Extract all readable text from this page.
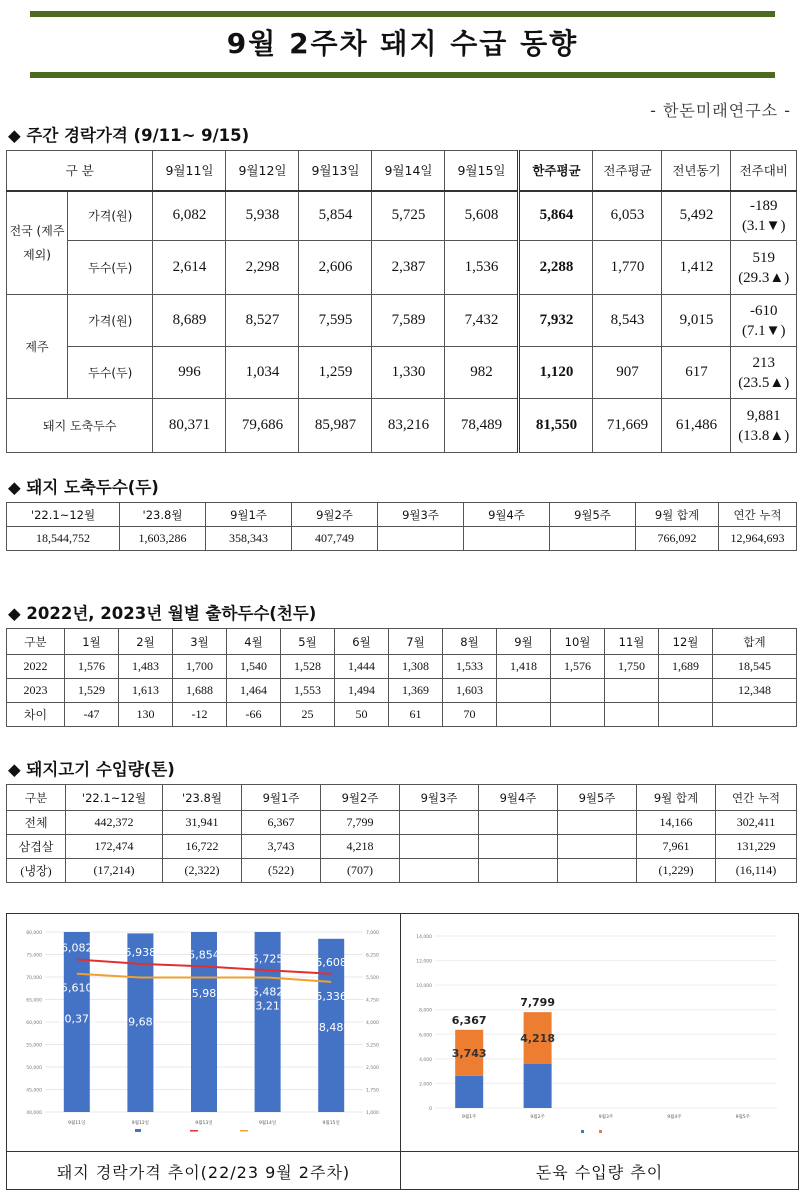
9월 2주차 돼지 수급 동향
- 한돈미래연구소 -
◆ 주간 경락가격 (9/11~ 9/15)
구 분		9월11일	9월12일	9월13일	9월14일	9월15일	한주평균	전주평균	전년동기	전주대비
전국 (제주 제외)	가격(원)	6,082	5,938	5,854	5,725	5,608	5,864	6,053	5,492	-189
(3.1▼)

	두수(두)	2,614	2,298	2,606	2,387	1,536	2,288	1,770	1,412	519
(29.3▲)

제주	가격(원)	8,689	8,527	7,595	7,589	7,432	7,932	8,543	9,015	-610
(7.1▼)

	두수(두)	996	1,034	1,259	1,330	982	1,120	907	617	213
(23.5▲)

돼지 도축두수		80,371	79,686	85,987	83,216	78,489	81,550	71,669	61,486	9,881
(13.8▲)
◆ 돼지 도축두수(두)
'22.1~12월	'23.8월	9월1주	9월2주	9월3주	9월4주	9월5주	9월 합계	연간 누적
18,544,752	1,603,286	358,343	407,749				766,092	12,964,693
◆ 2022년, 2023년 월별 출하두수(천두)
구분	1월	2월	3월	4월	5월	6월	7월	8월	9월	10월	11월	12월	합계
2022	1,576	1,483	1,700	1,540	1,528	1,444	1,308	1,533	1,418	1,576	1,750	1,689	18,545
2023	1,529	1,613	1,688	1,464	1,553	1,494	1,369	1,603					12,348
차이	-47	130	-12	-66	25	50	61	70					
◆ 돼지고기 수입량(톤)
구분	'22.1~12월	'23.8월	9월1주	9월2주	9월3주	9월4주	9월5주	9월 합계	연간 누적
전체	442,372	31,941	6,367	7,799				14,166	302,411
삼겹살	172,474	16,722	3,743	4,218				7,961	131,229
(냉장)	(17,214)	(2,322)	(522)	(707)				(1,229)	(16,114)
40,000	1,000
45,000	1,750
50,000	2,500
55,000	3,250
60,000	4,000
65,000	4,750
70,000	5,500
75,000	6,250
80,000	7,000
9월11일
6,082
5,610
80,371
9월12일
5,938
79,686
9월13일
5,854
85,987
9월14일
5,725
5,482
83,216
9월15일
5,608
5,336
78,489
0
2,000
4,000
6,000
8,000
10,000
12,000
14,000
9월1주
3,743
6,367
9월2주
4,218
7,799
9월3주	9월4주	9월5주
돼지 경락가격 추이(22/23 9월 2주차)	돈육 수입량 추이
